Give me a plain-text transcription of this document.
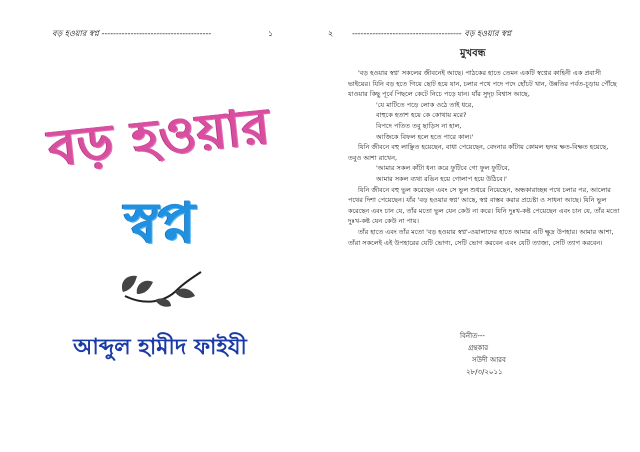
বড় হওয়ার স্বপ্ন --------------------------------------	১
বড় হওয়ার
স্বপ্ন
আব্দুল হামীদ ফাইযী
২ -------------------------------------- বড় হওয়ার স্বপ্ন
মুখবন্ধ

'বড় হওয়ার স্বপ্ন' সকলের জীবনেই আছে। পাঠকের হাতে তেমন একটি স্বপ্নের কাহিনী এক প্রবাসী ভাইয়ের। যিনি বড় হতে গিয়ে ছোট হয়ে যান, চলার পথে পদে পদে হোঁচট খান, উন্নতির পর্বত-চূড়ায় পৌঁছে যাওয়ার কিছু পূর্বে পিছলে কেটে নিচে পড়ে যান। যাঁর সুদৃঢ় বিশ্বাস আছে,

'যে মাটিতে পড়ে লোক ওঠে তাই ধরে,

বাহুকে হতাশ হয়ে কে কোথায় মরে?

বিপদে পতিত তবু ছাড়িস না হাল,

আজিকে বিফল হলে হতে পারে কাল।'

যিনি জীবনে বহু লাঞ্ছিত হয়েছেন, বাধা পেয়েছেন, বেদনার কাঁটায় কোমল হৃদয় ক্ষত-বিক্ষত হয়েছে, তবুও আশা রাখেন,

'আমার সকল কাঁটা ধন্য করে ফুটিবে গো ফুল ফুটিবে,

আমার সকল ব্যথা রঙিন হয়ে গোলাপ হয়ে উঠিবে।'

যিনি জীবনে বহু ভুল করেছেন এবং সে ভুল শুধরে নিয়েছেন, অন্ধকারাচ্ছন্ন পথে চলার পর, আলোর পথের দিশা পেয়েছেন। যাঁর 'বড় হওয়ার স্বপ্ন' আছে, স্বপ্ন বাস্তব করার প্রচেষ্টা ও সাধনা আছে। যিনি ভুল করেছেন এবং চান যে, তাঁর মতো ভুল যেন কেউ না করে। যিনি দুঃখ-কষ্ট পেয়েছেন এবং চান যে, তাঁর মতো দুঃখ-কষ্ট যেন কেউ না পায়।

তাঁর হাতে এবং তাঁর মতো 'বড় হওয়ার স্বপ্ন'-ওয়ালাদের হাতে আমার এটি ক্ষুদ্র উপহার। আমার আশা, তাঁরা সকলেই এই উপহারের যেটি ভোগ্য, সেটি ভোগ করবেন এবং যেটি ত্যাজ্য, সেটি ত্যাগ করবেন।

বিনীত---
গ্রন্থকার
সউদী আরব
২৮/৩/২০১১
